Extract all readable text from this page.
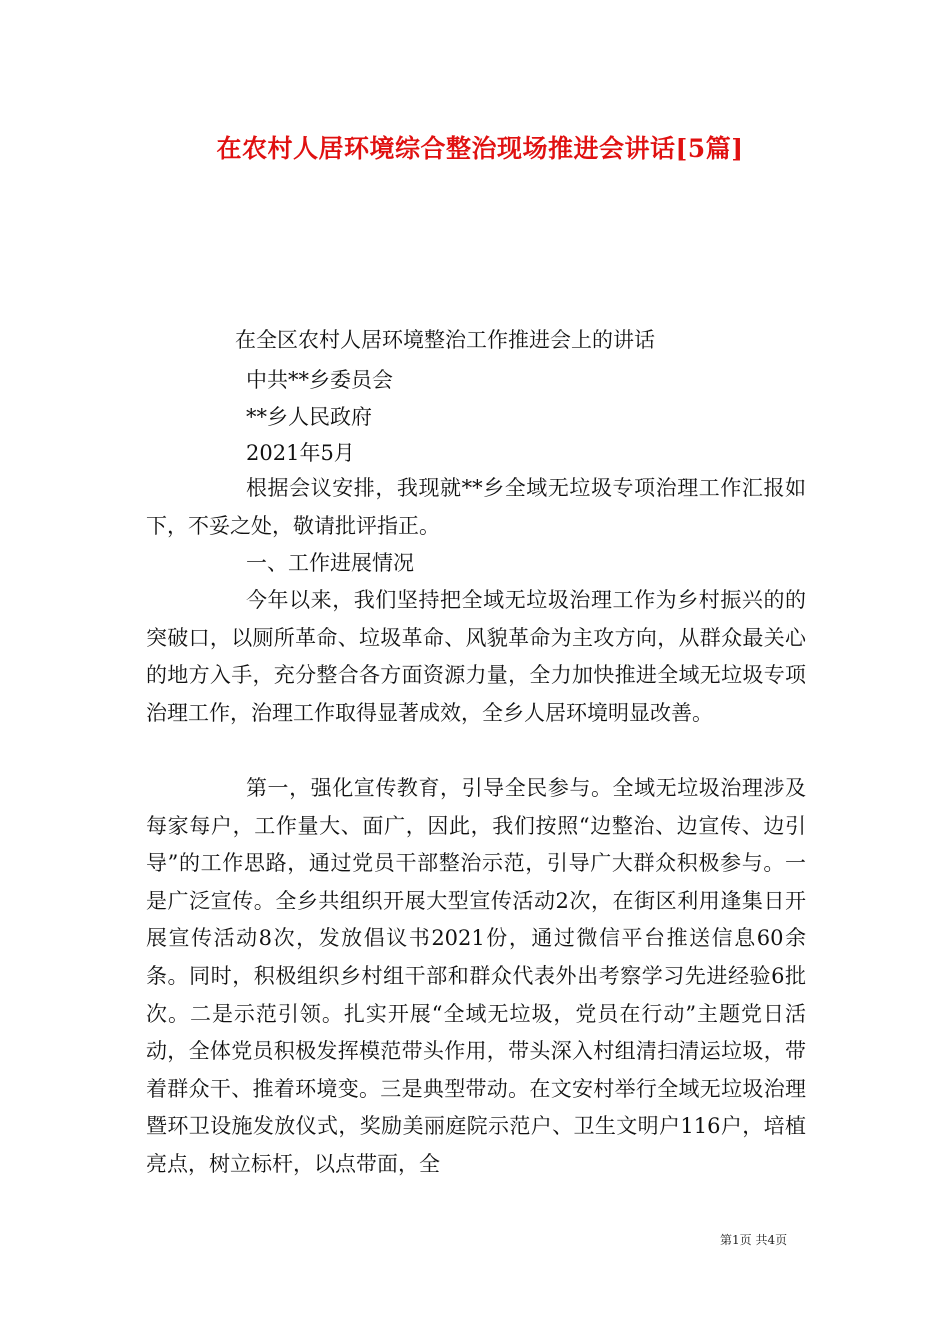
在农村人居环境综合整治现场推进会讲话[5篇]

在全区农村人居环境整治工作推进会上的讲话

中共**乡委员会

**乡人民政府

2021年5月

根据会议安排，我现就**乡全域无垃圾专项治理工作汇报如下，不妥之处，敬请批评指正。

一、工作进展情况

今年以来，我们坚持把全域无垃圾治理工作为乡村振兴的的突破口，以厕所革命、垃圾革命、风貌革命为主攻方向，从群众最关心的地方入手，充分整合各方面资源力量，全力加快推进全域无垃圾专项治理工作，治理工作取得显著成效，全乡人居环境明显改善。

第一，强化宣传教育，引导全民参与。全域无垃圾治理涉及每家每户，工作量大、面广，因此，我们按照“边整治、边宣传、边引导”的工作思路，通过党员干部整治示范，引导广大群众积极参与。一是广泛宣传。全乡共组织开展大型宣传活动2次，在街区利用逢集日开展宣传活动8次，发放倡议书2021份，通过微信平台推送信息60余条。同时，积极组织乡村组干部和群众代表外出考察学习先进经验6批次。二是示范引领。扎实开展“全域无垃圾，党员在行动”主题党日活动，全体党员积极发挥模范带头作用，带头深入村组清扫清运垃圾，带着群众干、推着环境变。三是典型带动。在文安村举行全域无垃圾治理暨环卫设施发放仪式，奖励美丽庭院示范户、卫生文明户116户，培植亮点，树立标杆，以点带面，全

第1页 共4页
